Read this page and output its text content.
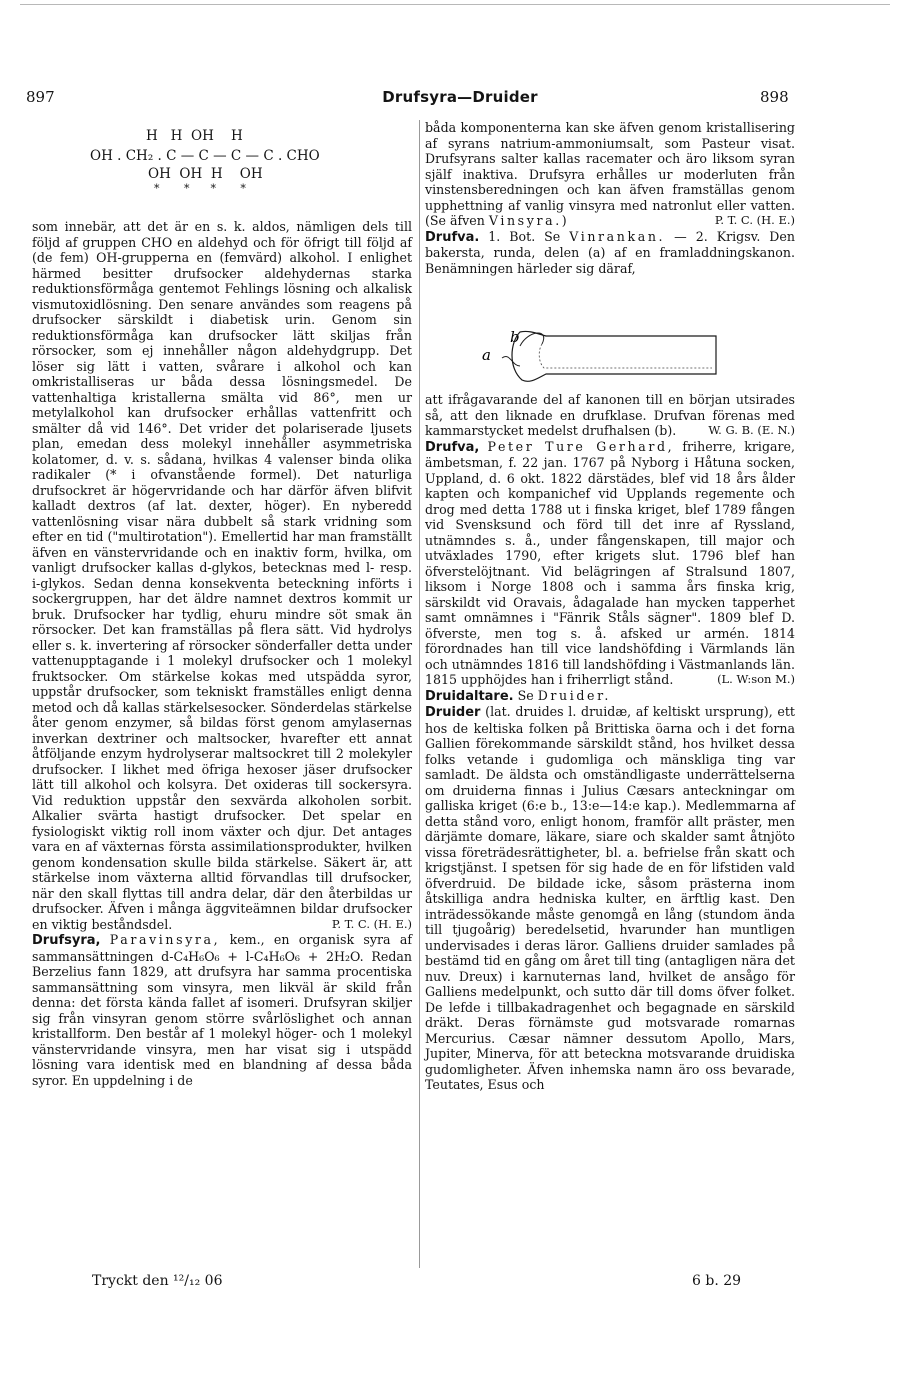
897	Drufsyra—Druider	898
H   H  OH    H
OH . CH₂ . C — C — C — C . CHO
OH  OH  H    OH
*       *      *       *

som innebär, att det är en s. k. aldos, nämligen dels till följd af gruppen CHO en aldehyd och för öfrigt till följd af (de fem) OH-grupperna en (femvärd) alkohol. I enlighet härmed besitter drufsocker aldehydernas starka reduktionsförmåga gentemot Fehlings lösning och alkalisk vismutoxidlösning. Den senare användes som reagens på drufsocker särskildt i diabetisk urin. Genom sin reduktionsförmåga kan drufsocker lätt skiljas från rörsocker, som ej innehåller någon aldehydgrupp. Det löser sig lätt i vatten, svårare i alkohol och kan omkristalliseras ur båda dessa lösningsmedel. De vattenhaltiga kristallerna smälta vid 86°, men ur metylalkohol kan drufsocker erhållas vattenfritt och smälter då vid 146°. Det vrider det polariserade ljusets plan, emedan dess molekyl innehåller asymmetriska kolatomer, d. v. s. sådana, hvilkas 4 valenser binda olika radikaler (* i ofvanstående formel). Det naturliga drufsockret är högervridande och har därför äfven blifvit kalladt dextros (af lat. dexter, höger). En nyberedd vattenlösning visar nära dubbelt så stark vridning som efter en tid ("multirotation"). Emellertid har man framställt äfven en vänstervridande och en inaktiv form, hvilka, om vanligt drufsocker kallas d-glykos, betecknas med l- resp. i-glykos. Sedan denna konsekventa beteckning införts i sockergruppen, har det äldre namnet dextros kommit ur bruk. Drufsocker har tydlig, ehuru mindre söt smak än rörsocker. Det kan framställas på flera sätt. Vid hydrolys eller s. k. invertering af rörsocker sönderfaller detta under vattenupptagande i 1 molekyl drufsocker och 1 molekyl fruktsocker. Om stärkelse kokas med utspädda syror, uppstår drufsocker, som tekniskt framställes enligt denna metod och då kallas stärkelsesocker. Sönderdelas stärkelse åter genom enzymer, så bildas först genom amylasernas inverkan dextriner och maltsocker, hvarefter ett annat åtföljande enzym hydrolyserar maltsockret till 2 molekyler drufsocker. I likhet med öfriga hexoser jäser drufsocker lätt till alkohol och kolsyra. Det oxideras till sockersyra. Vid reduktion uppstår den sexvärda alkoholen sorbit. Alkalier svärta hastigt drufsocker. Det spelar en fysiologiskt viktig roll inom växter och djur. Det antages vara en af växternas första assimilationsprodukter, hvilken genom kondensation skulle bilda stärkelse. Säkert är, att stärkelse inom växterna alltid förvandlas till drufsocker, när den skall flyttas till andra delar, där den återbildas ur drufsocker. Äfven i många äggviteämnen bildar drufsocker en viktig beståndsdel.	P. T. C. (H. E.)

Drufsyra, Paravinsyra, kem., en organisk syra af sammansättningen d-C₄H₆O₆ + l-C₄H₆O₆ + 2H₂O. Redan Berzelius fann 1829, att drufsyra har samma procentiska sammansättning som vinsyra, men likväl är skild från denna: det första kända fallet af isomeri. Drufsyran skiljer sig från vinsyran genom större svårlöslighet och annan kristallform. Den består af 1 molekyl höger- och 1 molekyl vänstervridande vinsyra, men har visat sig i utspädd lösning vara identisk med en blandning af dessa båda syror. En uppdelning i de

båda komponenterna kan ske äfven genom kristallisering af syrans natrium-ammoniumsalt, som Pasteur visat. Drufsyrans salter kallas racemater och äro liksom syran själf inaktiva. Drufsyra erhålles ur moderluten från vinstensberedningen och kan äfven framställas genom upphettning af vanlig vinsyra med natronlut eller vatten. (Se äfven Vinsyra.)	P. T. C. (H. E.)

Drufva. 1. Bot. Se Vinrankan. — 2. Krigsv. Den bakersta, runda, delen (a) af en framladdningskanon. Benämningen härleder sig däraf,

a
b

att ifrågavarande del af kanonen till en början utsirades så, att den liknade en drufklase. Drufvan förenas med kammarstycket medelst drufhalsen (b).	W. G. B. (E. N.)

Drufva, Peter Ture Gerhard, friherre, krigare, ämbetsman, f. 22 jan. 1767 på Nyborg i Håtuna socken, Uppland, d. 6 okt. 1822 därstädes, blef vid 18 års ålder kapten och kompanichef vid Upplands regemente och drog med detta 1788 ut i finska kriget, blef 1789 fången vid Svensksund och förd till det inre af Ryssland, utnämndes s. å., under fångenskapen, till major och utväxlades 1790, efter krigets slut. 1796 blef han öfverstelöjtnant. Vid belägringen af Stralsund 1807, liksom i Norge 1808 och i samma års finska krig, särskildt vid Oravais, ådagalade han mycken tapperhet samt omnämnes i "Fänrik Ståls sägner". 1809 blef D. öfverste, men tog s. å. afsked ur armén. 1814 förordnades han till vice landshöfding i Värmlands län och utnämndes 1816 till landshöfding i Västmanlands län. 1815 upphöjdes han i friherrligt stånd.	(L. W:son M.)

Druidaltare. Se Druider.

Druider (lat. druides l. druidæ, af keltiskt ursprung), ett hos de keltiska folken på Brittiska öarna och i det forna Gallien förekommande särskildt stånd, hos hvilket dessa folks vetande i gudomliga och mänskliga ting var samladt. De äldsta och omständligaste underrättelserna om druiderna finnas i Julius Cæsars anteckningar om galliska kriget (6:e b., 13:e—14:e kap.). Medlemmarna af detta stånd voro, enligt honom, framför allt präster, men därjämte domare, läkare, siare och skalder samt åtnjöto vissa företrädesrättigheter, bl. a. befrielse från skatt och krigstjänst. I spetsen för sig hade de en för lifstiden vald öfverdruid. De bildade icke, såsom prästerna inom åtskilliga andra hedniska kulter, en ärftlig kast. Den inträdessökande måste genomgå en lång (stundom ända till tjugoårig) beredelsetid, hvarunder han muntligen undervisades i deras läror. Galliens druider samlades på bestämd tid en gång om året till ting (antagligen nära det nuv. Dreux) i karnuternas land, hvilket de ansågo för Galliens medelpunkt, och sutto där till doms öfver folket. De lefde i tillbakadragenhet och begagnade en särskild dräkt. Deras förnämste gud motsvarade romarnas Mercurius. Cæsar nämner dessutom Apollo, Mars, Jupiter, Minerva, för att beteckna motsvarande druidiska gudomligheter. Äfven inhemska namn äro oss bevarade, Teutates, Esus och

Tryckt den ¹²/₁₂ 06	6 b. 29
